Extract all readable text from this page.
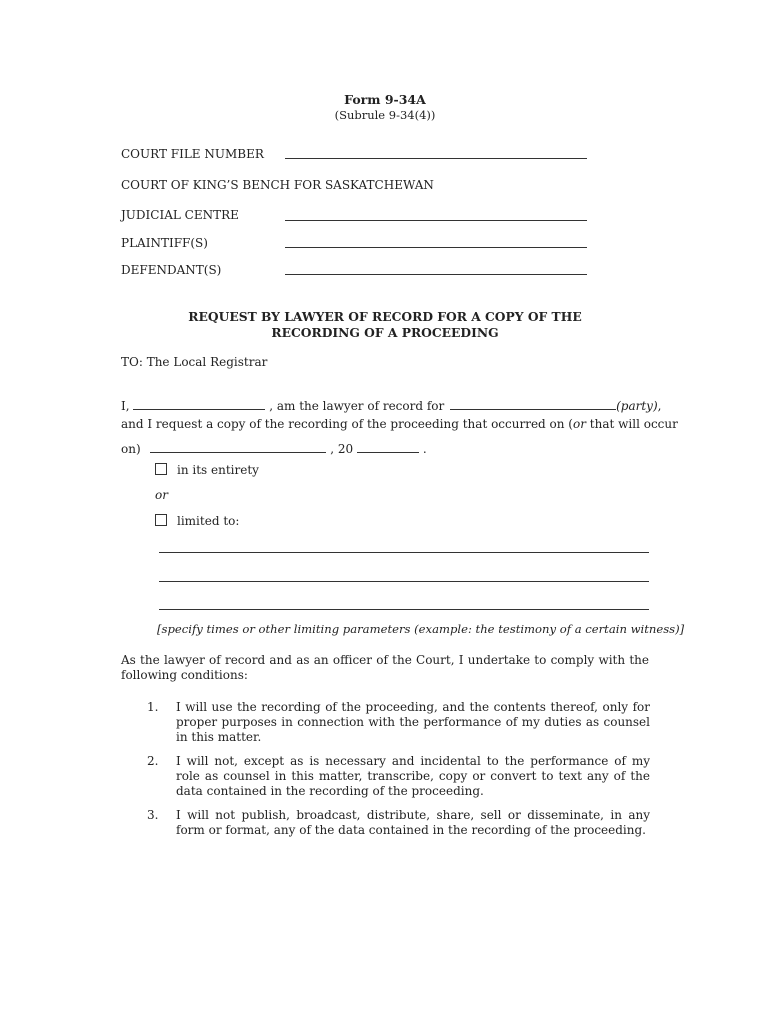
Form 9-34A
(Subrule 9-34(4))
COURT FILE NUMBER
COURT OF KING’S BENCH FOR SASKATCHEWAN
JUDICIAL CENTRE
PLAINTIFF(S)
DEFENDANT(S)
REQUEST BY LAWYER OF RECORD FOR A COPY OF THE
RECORDING OF A PROCEEDING
TO: The Local Registrar
I,	, am the lawyer of record for	(party),
and I request a copy of the recording of the proceeding that occurred on (or that will occur
on)	, 20	.
in its entirety
or
limited to:
[specify times or other limiting parameters (example: the testimony of a certain witness)]
As the lawyer of record and as an officer of the Court, I undertake to comply with the following conditions:
1. I will use the recording of the proceeding, and the contents thereof, only for proper purposes in connection with the performance of my duties as counsel in this matter.
2. I will not, except as is necessary and incidental to the performance of my role as counsel in this matter, transcribe, copy or convert to text any of the data contained in the recording of the proceeding.
3. I will not publish, broadcast, distribute, share, sell or disseminate, in any form or format, any of the data contained in the recording of the proceeding.
